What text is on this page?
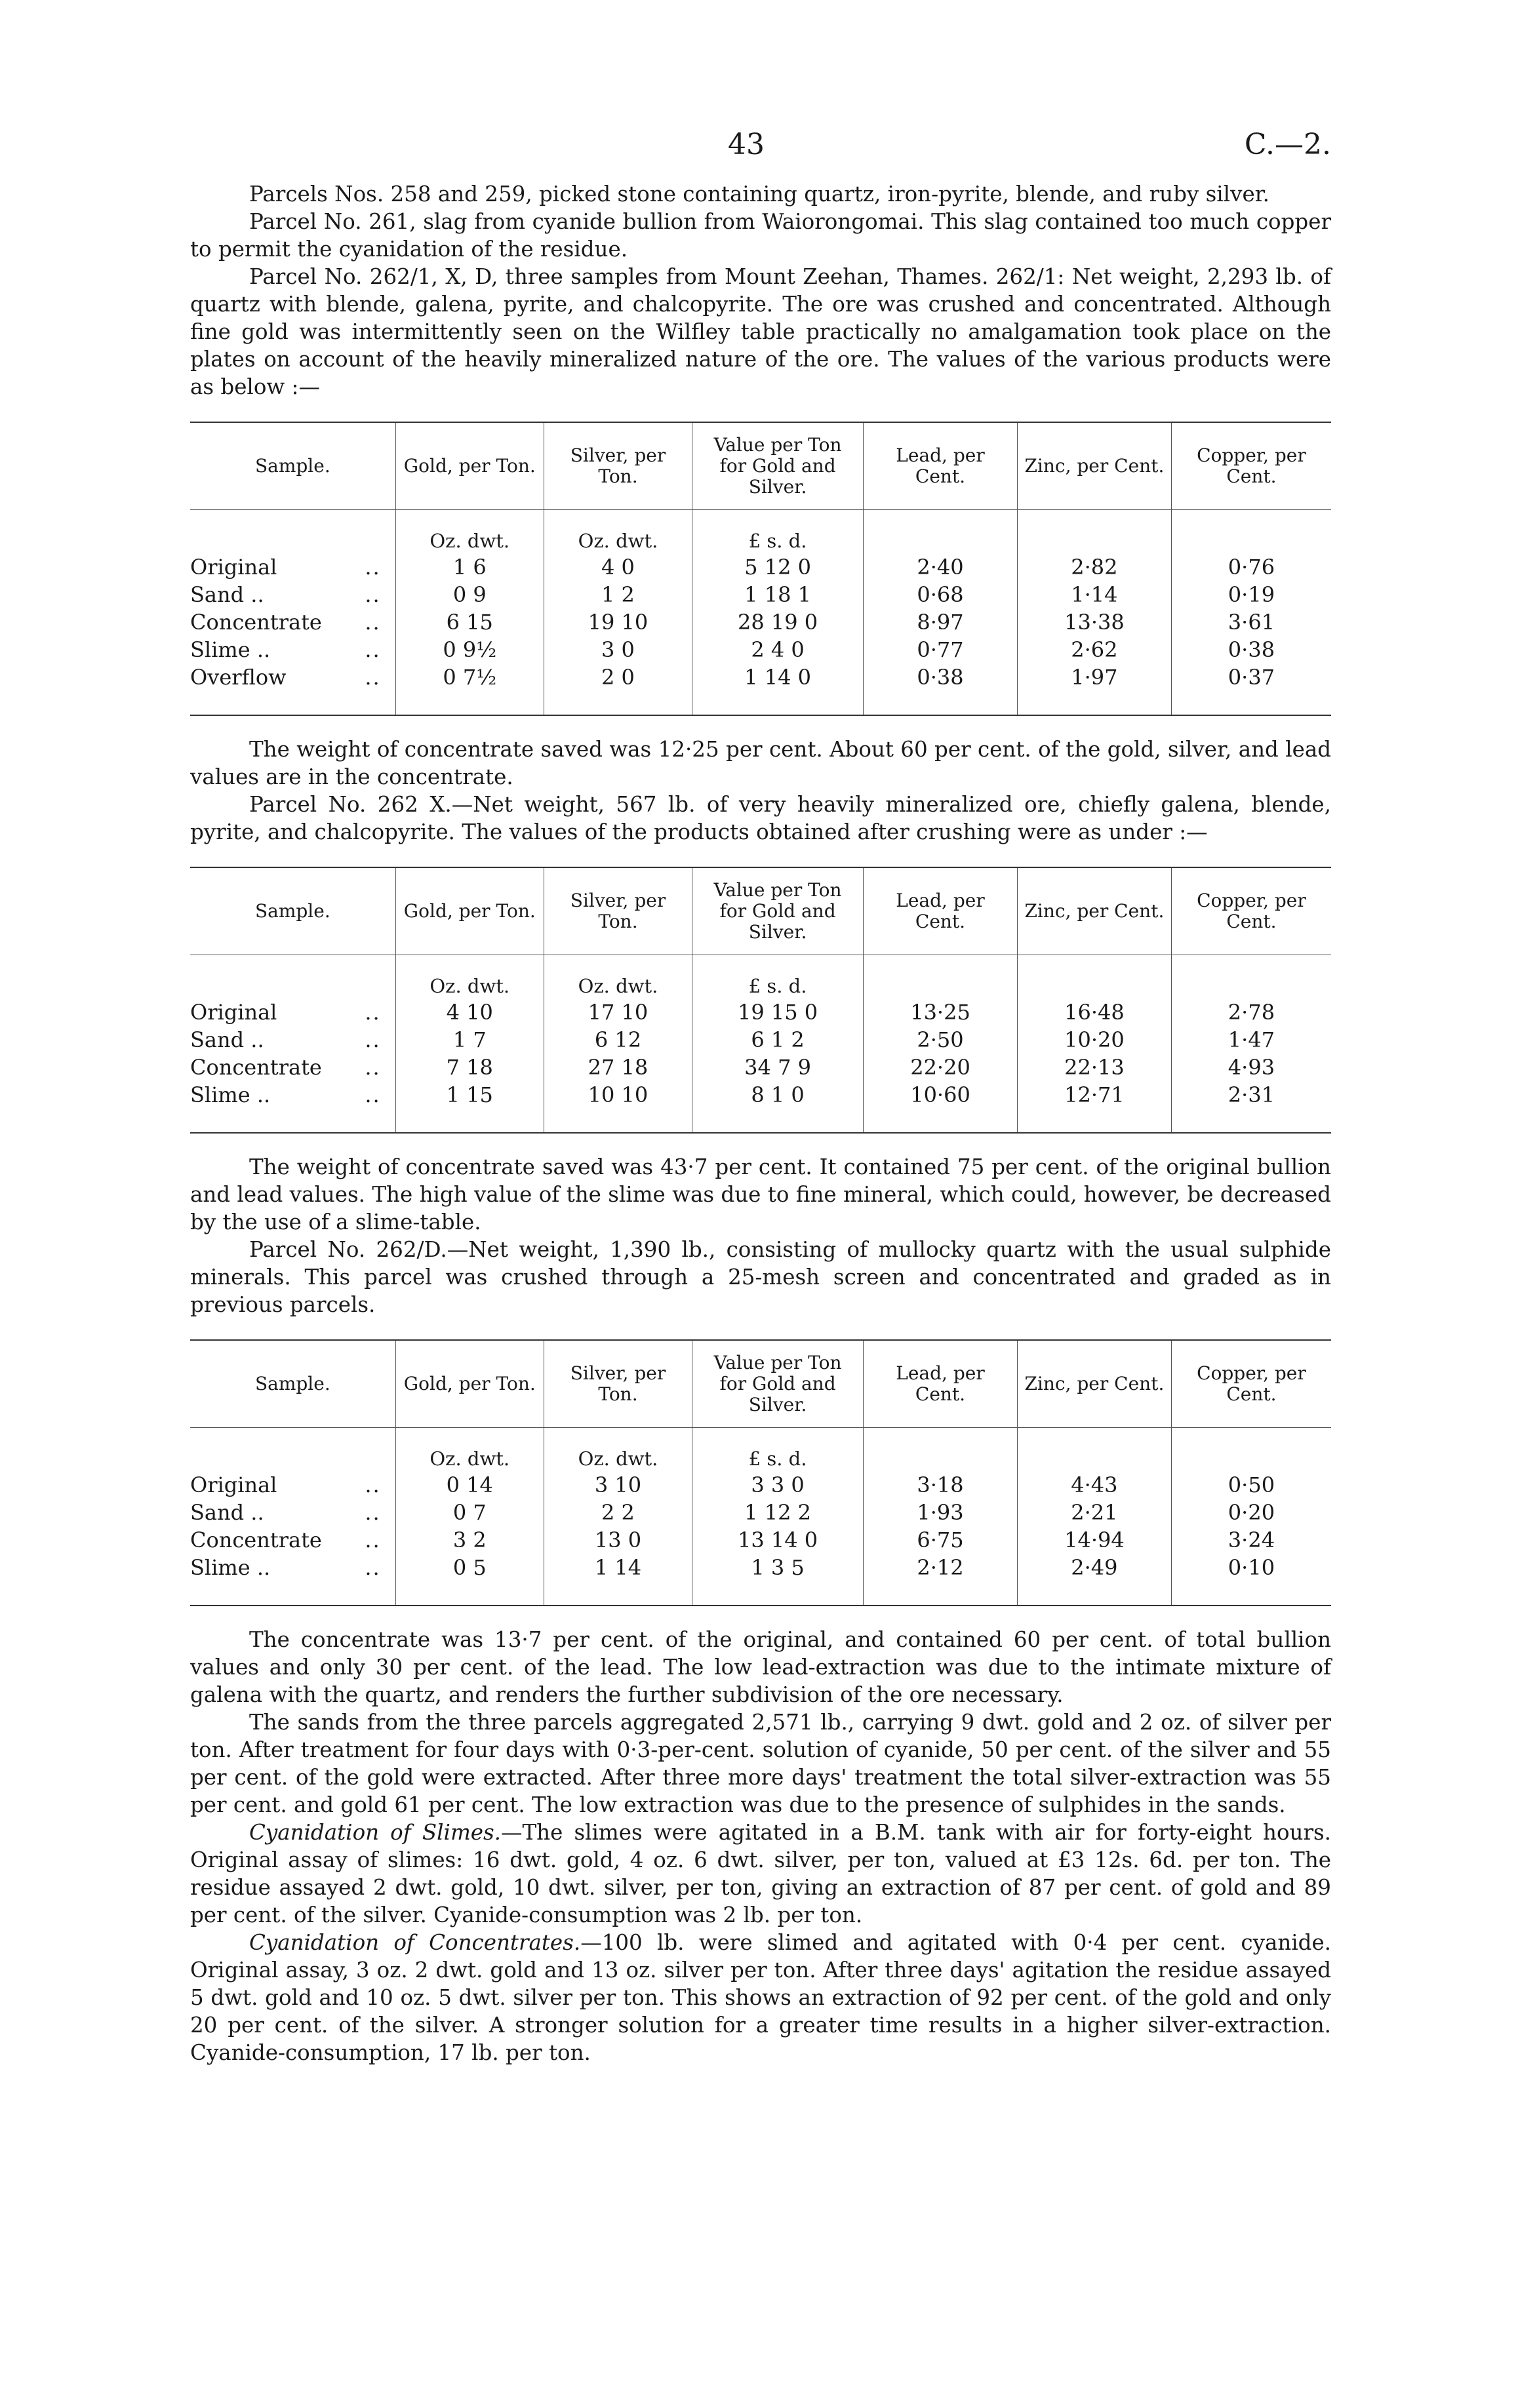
43	C.—2.

Parcels Nos. 258 and 259, picked stone containing quartz, iron-pyrite, blende, and ruby silver.

Parcel No. 261, slag from cyanide bullion from Waiorongomai. This slag contained too much copper to permit the cyanidation of the residue.

Parcel No. 262/1, X, D, three samples from Mount Zeehan, Thames. 262/1: Net weight, 2,293 lb. of quartz with blende, galena, pyrite, and chalcopyrite. The ore was crushed and concentrated. Although fine gold was intermittently seen on the Wilfley table practically no amalgamation took place on the plates on account of the heavily mineralized nature of the ore. The values of the various products were as below :—

Sample.	Gold, per Ton.	Silver, per Ton.	Value per Ton for Gold and Silver.	Lead, per Cent.	Zinc, per Cent.	Copper, per Cent.
	Oz. dwt.	Oz. dwt.	£ s. d.			

Original ..	1 6	4 0	5 12 0	2·40	2·82	0·76

Sand .. ..	0 9	1 2	1 18 1	0·68	1·14	0·19

Concentrate ..	6 15	19 10	28 19 0	8·97	13·38	3·61

Slime .. ..	0 9½	3 0	2 4 0	0·77	2·62	0·38

Overflow ..	0 7½	2 0	1 14 0	0·38	1·97	0·37

The weight of concentrate saved was 12·25 per cent. About 60 per cent. of the gold, silver, and lead values are in the concentrate.

Parcel No. 262 X.—Net weight, 567 lb. of very heavily mineralized ore, chiefly galena, blende, pyrite, and chalcopyrite. The values of the products obtained after crushing were as under :—

Sample.	Gold, per Ton.	Silver, per Ton.	Value per Ton for Gold and Silver.	Lead, per Cent.	Zinc, per Cent.	Copper, per Cent.
	Oz. dwt.	Oz. dwt.	£ s. d.			

Original ..	4 10	17 10	19 15 0	13·25	16·48	2·78

Sand .. ..	1 7	6 12	6 1 2	2·50	10·20	1·47

Concentrate ..	7 18	27 18	34 7 9	22·20	22·13	4·93

Slime .. ..	1 15	10 10	8 1 0	10·60	12·71	2·31

The weight of concentrate saved was 43·7 per cent. It contained 75 per cent. of the original bullion and lead values. The high value of the slime was due to fine mineral, which could, however, be decreased by the use of a slime-table.

Parcel No. 262/D.—Net weight, 1,390 lb., consisting of mullocky quartz with the usual sulphide minerals. This parcel was crushed through a 25-mesh screen and concentrated and graded as in previous parcels.

Sample.	Gold, per Ton.	Silver, per Ton.	Value per Ton for Gold and Silver.	Lead, per Cent.	Zinc, per Cent.	Copper, per Cent.
	Oz. dwt.	Oz. dwt.	£ s. d.			

Original ..	0 14	3 10	3 3 0	3·18	4·43	0·50

Sand .. ..	0 7	2 2	1 12 2	1·93	2·21	0·20

Concentrate ..	3 2	13 0	13 14 0	6·75	14·94	3·24

Slime .. ..	0 5	1 14	1 3 5	2·12	2·49	0·10

The concentrate was 13·7 per cent. of the original, and contained 60 per cent. of total bullion values and only 30 per cent. of the lead. The low lead-extraction was due to the intimate mixture of galena with the quartz, and renders the further subdivision of the ore necessary.

The sands from the three parcels aggregated 2,571 lb., carrying 9 dwt. gold and 2 oz. of silver per ton. After treatment for four days with 0·3-per-cent. solution of cyanide, 50 per cent. of the silver and 55 per cent. of the gold were extracted. After three more days' treatment the total silver-extraction was 55 per cent. and gold 61 per cent. The low extraction was due to the presence of sulphides in the sands.

Cyanidation of Slimes.—The slimes were agitated in a B.M. tank with air for forty-eight hours. Original assay of slimes: 16 dwt. gold, 4 oz. 6 dwt. silver, per ton, valued at £3 12s. 6d. per ton. The residue assayed 2 dwt. gold, 10 dwt. silver, per ton, giving an extraction of 87 per cent. of gold and 89 per cent. of the silver. Cyanide-consumption was 2 lb. per ton.

Cyanidation of Concentrates.—100 lb. were slimed and agitated with 0·4 per cent. cyanide. Original assay, 3 oz. 2 dwt. gold and 13 oz. silver per ton. After three days' agitation the residue assayed 5 dwt. gold and 10 oz. 5 dwt. silver per ton. This shows an extraction of 92 per cent. of the gold and only 20 per cent. of the silver. A stronger solution for a greater time results in a higher silver-extraction. Cyanide-consumption, 17 lb. per ton.
